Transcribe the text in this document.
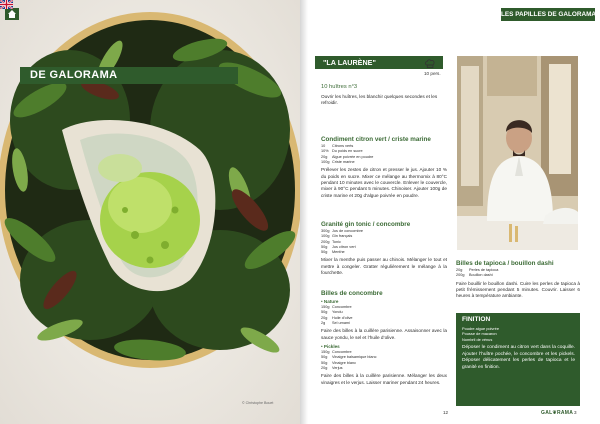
DE GALORAMA
© Christophe Bouet
LES PAPILLES DE GALORAMA
"LA LAURÈNE"
10 pers.
10 huîtres n°3
Ouvrir les huîtres, les blanchir quelques secondes et les refroidir.
Condiment citron vert / criste marine
10	Citrons verts
10% Du poids en sucre
20g	Algue poivrée en poudre
100g Criste marine

Prélever les zestes de citron et presser le jus. Ajouter 10 % du poids en sucre. Mixer ce mélange au thermomix à 80°C pendant 10 minutes avec le couvercle. Enlever le couvercle, mixer à 90°C pendant 5 minutes. Chinoiser. Ajouter 100g de criste marine et 20g d’algue poivrée en poudre.

Granité gin tonic / concombre
300g Jus de concombre
100g Gin français
200g Tonic
50g	Jus citron vert
50g	Menthe

Mixer la menthe puis passer au chinois. Mélanger le tout et mettre à congeler. Gratter régulièrement le mélange à la fourchette.

Billes de concombre
• Nature
150g Concombre
50g	Yondu
20g	Huile d’olive
2g	Sel umami

Faire des billes à la cuillère parisienne. Assaisonner avec la sauce yondu, le sel et l’huile d’olive.

• Pickles
150g Concombre
50g	Vinaigre balsamique blanc
50g	Vinaigre blanc
20g	Verjus

Faire des billes à la cuillère parisienne. Mélanger les deux vinaigres et le verjus. Laisser mariner pendant 24 heures.

Billes de tapioca / bouillon dashi
20g	Perles de tapioca
200g	Bouillon dashi

Faire bouillir le bouillon dashi. Cuire les perles de tapioca à petit frémissement pendant 5 minutes. Couvrir. Laisser 6 heures à température ambiante.

FINITION
Poudre algue poivrée
Pousse de macaron
Nombril de vénus
Déposer le condiment au citron vert dans la coquille. Ajouter l’huître pochée, le concombre et les pickels. Déposer délicatement les perles de tapioca et le granité en finition.
12	GAL❦RAMA 3
